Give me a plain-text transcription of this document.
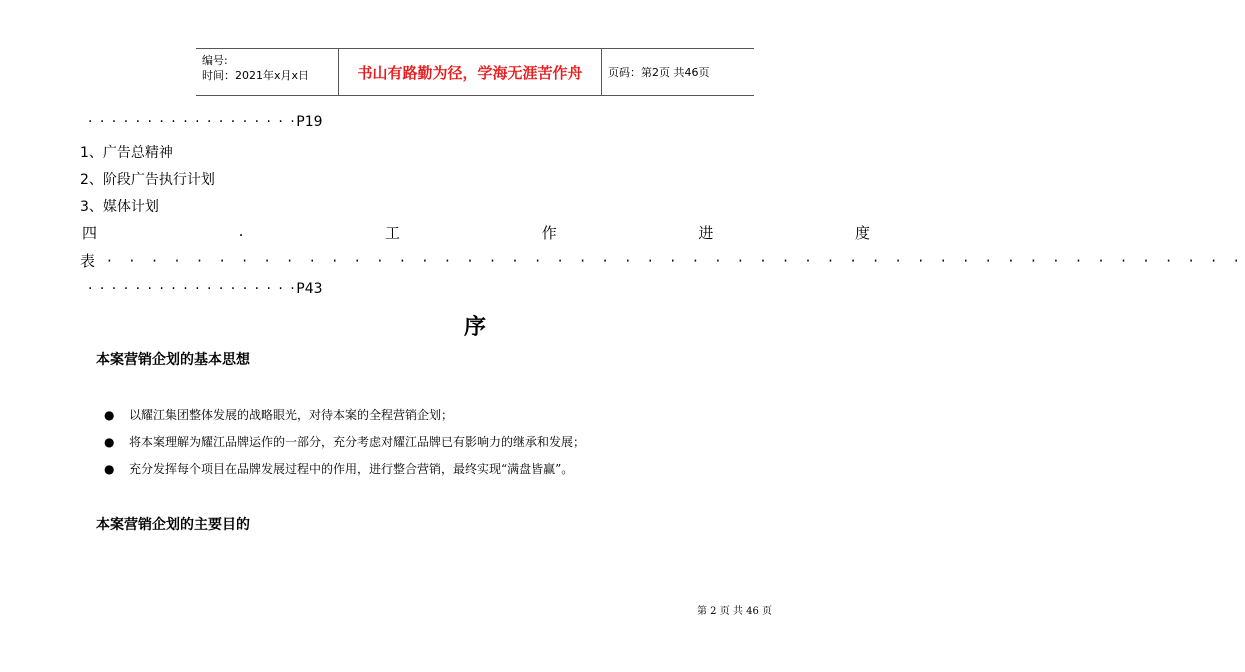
编号:
时间：2021年x月x日	书山有路勤为径，学海无涯苦作舟	页码：第2页 共46页
· · · · · · · · · · · · · · · · · ·P19
1、广告总精神
2、阶段广告执行计划
3、媒体计划
四	.	工	作	进	度
表 · · · · · · · · · · · · · · · · · · · · · · · · · · · · · · · · · · · · · · · · · · · · · · · · · · ·
· · · · · · · · · · · · · · · · · ·P43
序
本案营销企划的基本思想
● 以耀江集团整体发展的战略眼光，对待本案的全程营销企划；
● 将本案理解为耀江品牌运作的一部分，充分考虑对耀江品牌已有影响力的继承和发展；
● 充分发挥每个项目在品牌发展过程中的作用，进行整合营销，最终实现“满盘皆赢”。
本案营销企划的主要目的
第 2 页 共 46 页
